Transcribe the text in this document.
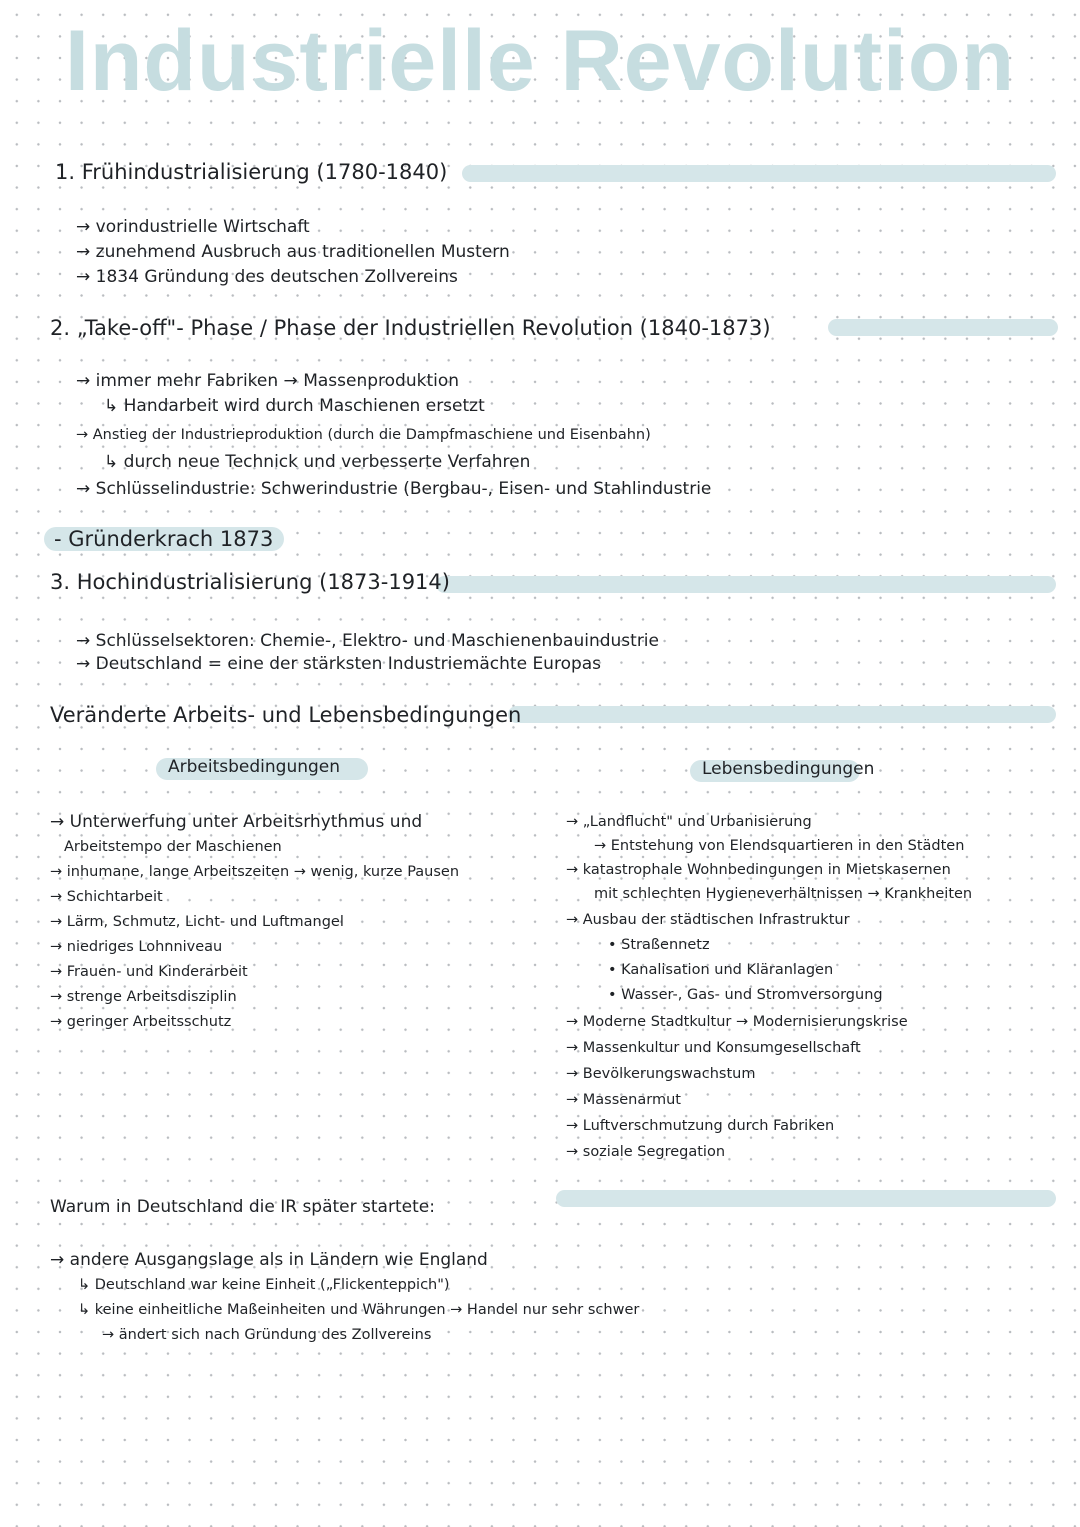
Industrielle Revolution
1. Frühindustrialisierung (1780-1840)
→ vorindustrielle Wirtschaft
→ zunehmend Ausbruch aus traditionellen Mustern
→ 1834 Gründung des deutschen Zollvereins
2. „Take-off"- Phase / Phase der Industriellen Revolution (1840-1873)
→ immer mehr Fabriken → Massenproduktion
↳ Handarbeit wird durch Maschienen ersetzt
→ Anstieg der Industrieproduktion (durch die Dampfmaschiene und Eisenbahn)
↳ durch neue Technick und verbesserte Verfahren
→ Schlüsselindustrie: Schwerindustrie (Bergbau-, Eisen- und Stahlindustrie
- Gründerkrach 1873
3. Hochindustrialisierung (1873-1914)
→ Schlüsselsektoren: Chemie-, Elektro- und Maschienenbauindustrie
→ Deutschland = eine der stärksten Industriemächte Europas
Veränderte Arbeits- und Lebensbedingungen
Arbeitsbedingungen	Lebensbedingungen
→ Unterwerfung unter Arbeitsrhythmus und
Arbeitstempo der Maschienen
→ inhumane, lange Arbeitszeiten → wenig, kurze Pausen
→ Schichtarbeit
→ Lärm, Schmutz, Licht- und Luftmangel
→ niedriges Lohnniveau
→ Frauen- und Kinderarbeit
→ strenge Arbeitsdisziplin
→ geringer Arbeitsschutz
→ „Landflucht" und Urbanisierung
→ Entstehung von Elendsquartieren in den Städten
→ katastrophale Wohnbedingungen in Mietskasernen
mit schlechten Hygieneverhältnissen → Krankheiten
→ Ausbau der städtischen Infrastruktur
• Straßennetz
• Kanalisation und Kläranlagen
• Wasser-, Gas- und Stromversorgung
→ Moderne Stadtkultur → Modernisierungskrise
→ Massenkultur und Konsumgesellschaft
→ Bevölkerungswachstum
→ Massenarmut
→ Luftverschmutzung durch Fabriken
→ soziale Segregation
Warum in Deutschland die IR später startete:
→ andere Ausgangslage als in Ländern wie England
↳ Deutschland war keine Einheit („Flickenteppich")
↳ keine einheitliche Maßeinheiten und Währungen → Handel nur sehr schwer
→ ändert sich nach Gründung des Zollvereins
